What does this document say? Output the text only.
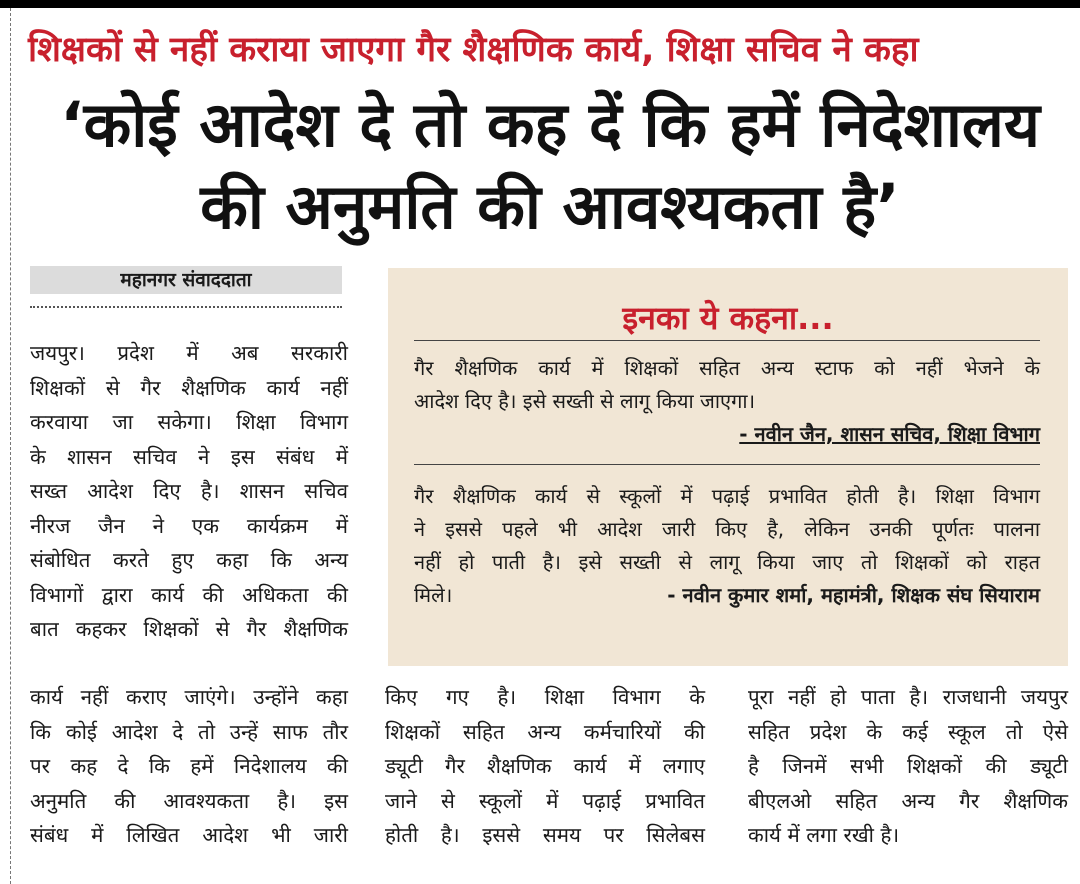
शिक्षकों से नहीं कराया जाएगा गैर शैक्षणिक कार्य, शिक्षा सचिव ने कहा
‘कोई आदेश दे तो कह दें कि हमें निदेशालय की अनुमति की आवश्यकता है’
महानगर संवाददाता

जयपुर। प्रदेश में अब सरकारी

शिक्षकों से गैर शैक्षणिक कार्य नहीं

करवाया जा सकेगा। शिक्षा विभाग

के शासन सचिव ने इस संबंध में

सख्त आदेश दिए है। शासन सचिव

नीरज जैन ने एक कार्यक्रम में

संबोधित करते हुए कहा कि अन्य

विभागों द्वारा कार्य की अधिकता की

बात कहकर शिक्षकों से गैर शैक्षणिक

इनका ये कहना...

गैर शैक्षणिक कार्य में शिक्षकों सहित अन्य स्टाफ को नहीं भेजने के

आदेश दिए है। इसे सख्ती से लागू किया जाएगा।

- नवीन जैन, शासन सचिव, शिक्षा विभाग

गैर शैक्षणिक कार्य से स्कूलों में पढ़ाई प्रभावित होती है। शिक्षा विभाग

ने इससे पहले भी आदेश जारी किए है, लेकिन उनकी पूर्णतः पालना

नहीं हो पाती है। इसे सख्ती से लागू किया जाए तो शिक्षकों को राहत

मिले।	- नवीन कुमार शर्मा, महामंत्री, शिक्षक संघ सियाराम

कार्य नहीं कराए जाएंगे। उन्होंने कहा

कि कोई आदेश दे तो उन्हें साफ तौर

पर कह दे कि हमें निदेशालय की

अनुमति की आवश्यकता है। इस

संबंध में लिखित आदेश भी जारी

किए गए है। शिक्षा विभाग के

शिक्षकों सहित अन्य कर्मचारियों की

ड्यूटी गैर शैक्षणिक कार्य में लगाए

जाने से स्कूलों में पढ़ाई प्रभावित

होती है। इससे समय पर सिलेबस

पूरा नहीं हो पाता है। राजधानी जयपुर

सहित प्रदेश के कई स्कूल तो ऐसे

है जिनमें सभी शिक्षकों की ड्यूटी

बीएलओ सहित अन्य गैर शैक्षणिक

कार्य में लगा रखी है।
